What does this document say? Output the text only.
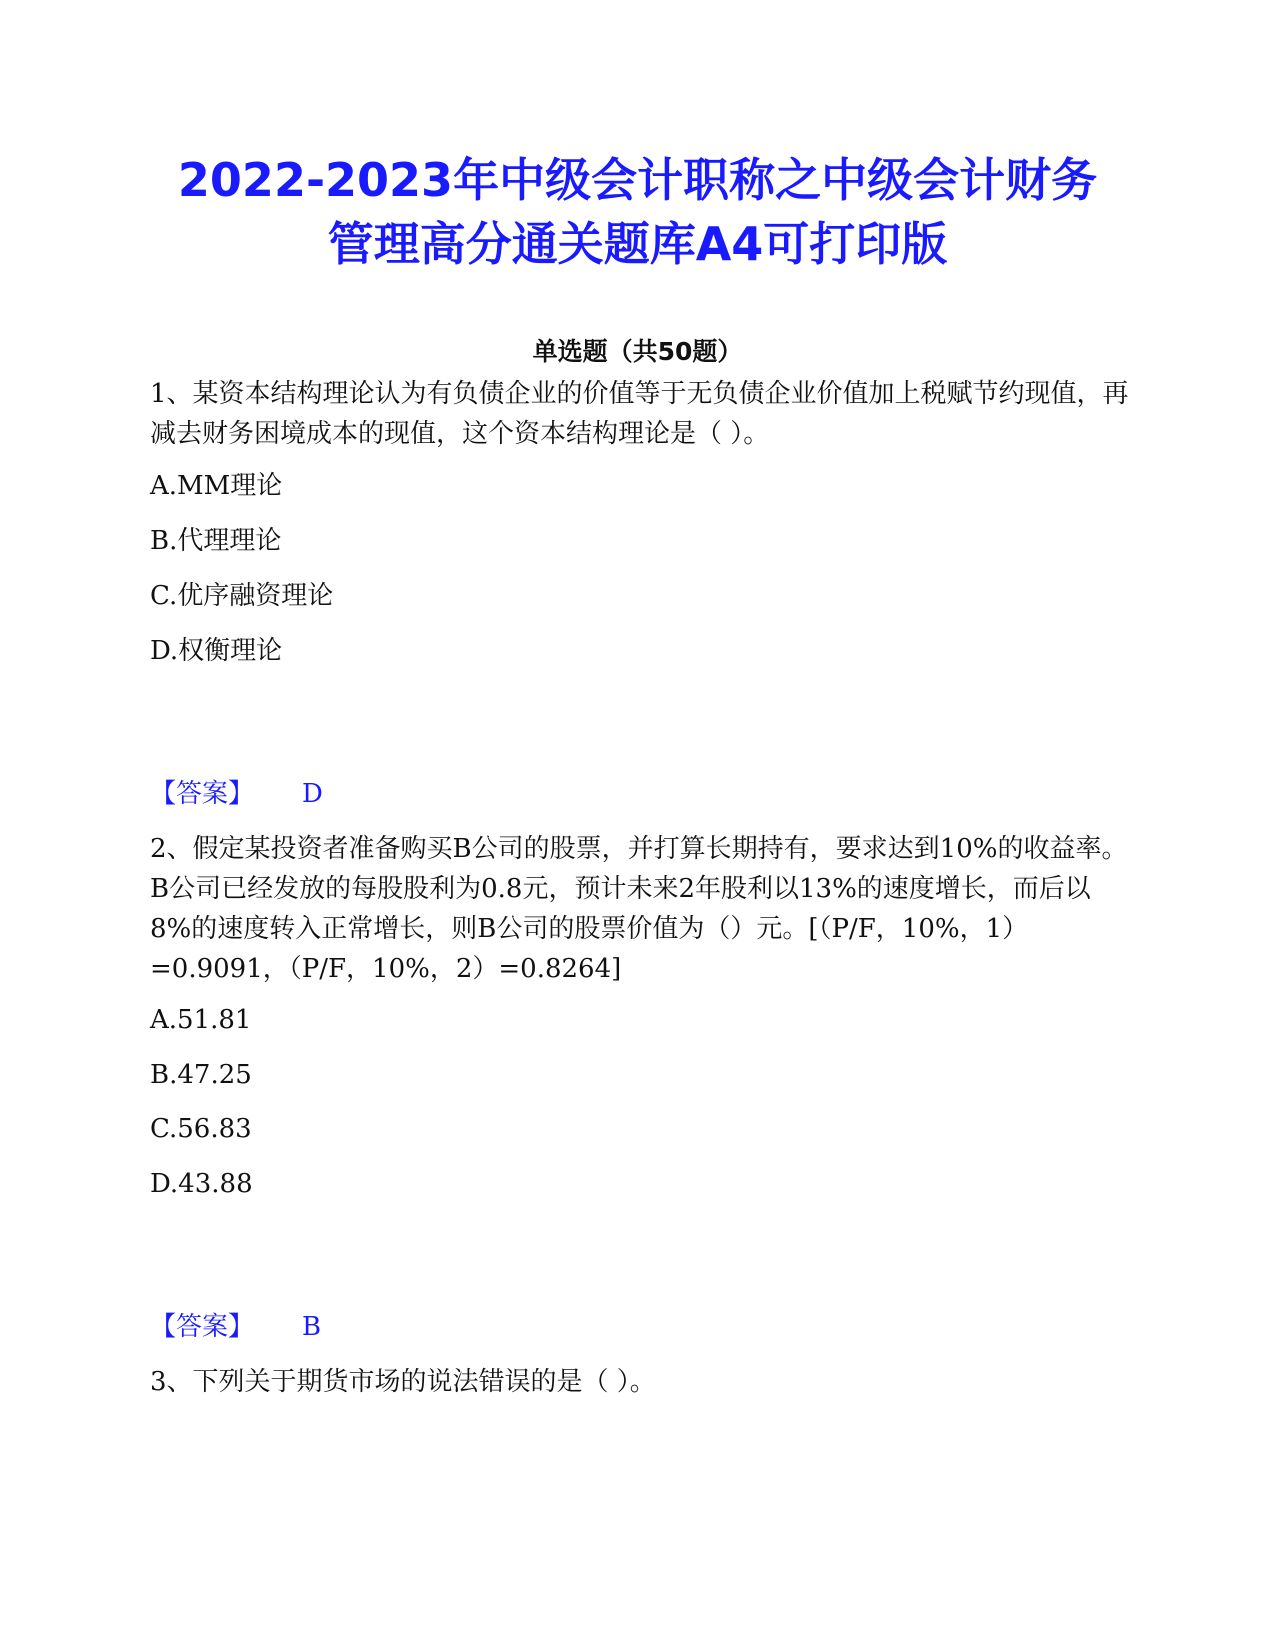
2022-2023年中级会计职称之中级会计财务
管理高分通关题库A4可打印版
单选题（共50题）
1、某资本结构理论认为有负债企业的价值等于无负债企业价值加上税赋节约现值，再减去财务困境成本的现值，这个资本结构理论是（ ）。
A.MM理论
B.代理理论
C.优序融资理论
D.权衡理论
【答案】 D
2、假定某投资者准备购买B公司的股票，并打算长期持有，要求达到10%的收益率。B公司已经发放的每股股利为0.8元，预计未来2年股利以13%的速度增长，而后以8%的速度转入正常增长，则B公司的股票价值为（）元。[（P/F，10%，1）=0.9091，（P/F，10%，2）=0.8264]
A.51.81
B.47.25
C.56.83
D.43.88
【答案】 B
3、下列关于期货市场的说法错误的是（ ）。
